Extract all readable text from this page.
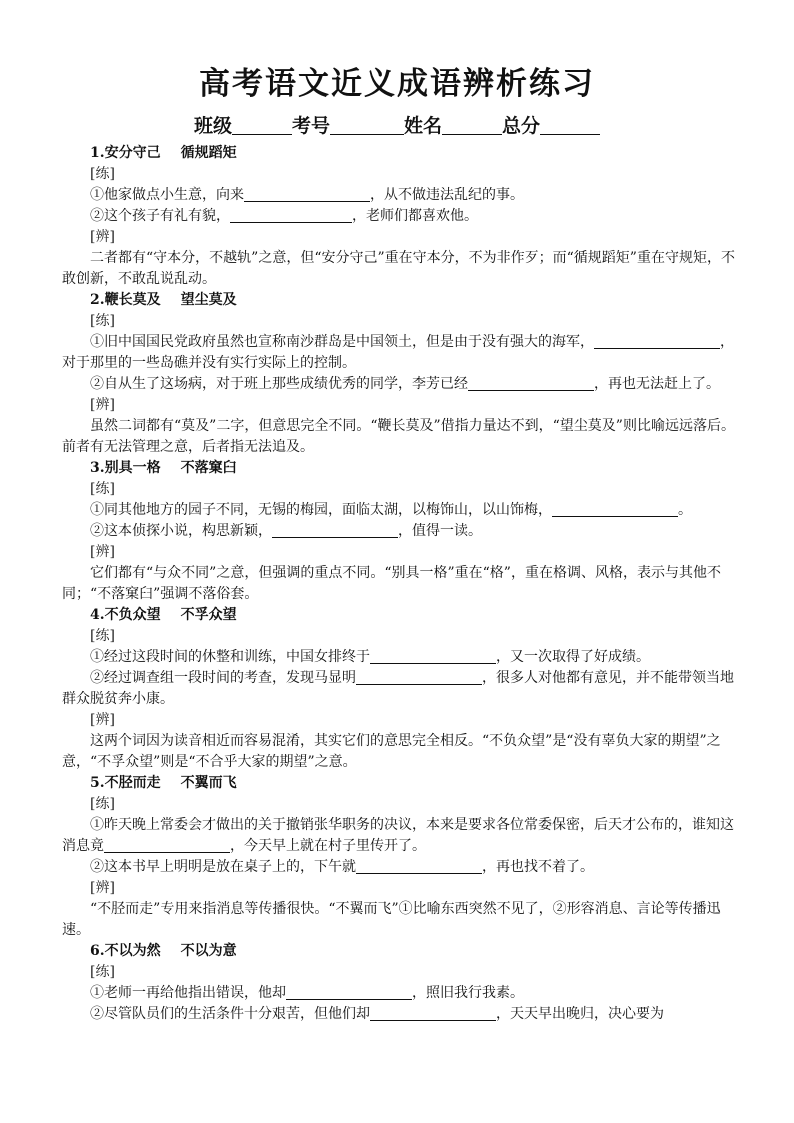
高考语文近义成语辨析练习
班级	考号	姓名	总分
1.安分守己 循规蹈矩
[练]

①他家做点小生意，向来	，从不做违法乱纪的事。

②这个孩子有礼有貌，	，老师们都喜欢他。

[辨]

二者都有“守本分，不越轨”之意，但“安分守己”重在守本分，不为非作歹；而“循规蹈矩”重在守规矩，不敢创新，不敢乱说乱动。

2.鞭长莫及 望尘莫及
[练]

①旧中国国民党政府虽然也宣称南沙群岛是中国领土，但是由于没有强大的海军，	，对于那里的一些岛礁并没有实行实际上的控制。

②自从生了这场病，对于班上那些成绩优秀的同学，李芳已经	，再也无法赶上了。

[辨]

虽然二词都有“莫及”二字，但意思完全不同。“鞭长莫及”借指力量达不到，“望尘莫及”则比喻远远落后。前者有无法管理之意，后者指无法追及。

3.别具一格 不落窠臼
[练]

①同其他地方的园子不同，无锡的梅园，面临太湖，以梅饰山，以山饰梅，	。

②这本侦探小说，构思新颖，	，值得一读。

[辨]

它们都有“与众不同”之意，但强调的重点不同。“别具一格”重在“格”，重在格调、风格，表示与其他不同；“不落窠臼”强调不落俗套。

4.不负众望 不孚众望
[练]

①经过这段时间的休整和训练，中国女排终于	，又一次取得了好成绩。

②经过调查组一段时间的考查，发现马显明	，很多人对他都有意见，并不能带领当地群众脱贫奔小康。

[辨]

这两个词因为读音相近而容易混淆，其实它们的意思完全相反。“不负众望”是“没有辜负大家的期望”之意，“不孚众望”则是“不合乎大家的期望”之意。

5.不胫而走 不翼而飞
[练]

①昨天晚上常委会才做出的关于撤销张华职务的决议，本来是要求各位常委保密，后天才公布的，谁知这消息竟	，今天早上就在村子里传开了。

②这本书早上明明是放在桌子上的，下午就	，再也找不着了。

[辨]

“不胫而走”专用来指消息等传播很快。“不翼而飞”①比喻东西突然不见了，②形容消息、言论等传播迅速。

6.不以为然 不以为意
[练]

①老师一再给他指出错误，他却	，照旧我行我素。

②尽管队员们的生活条件十分艰苦，但他们却	，天天早出晚归，决心要为
